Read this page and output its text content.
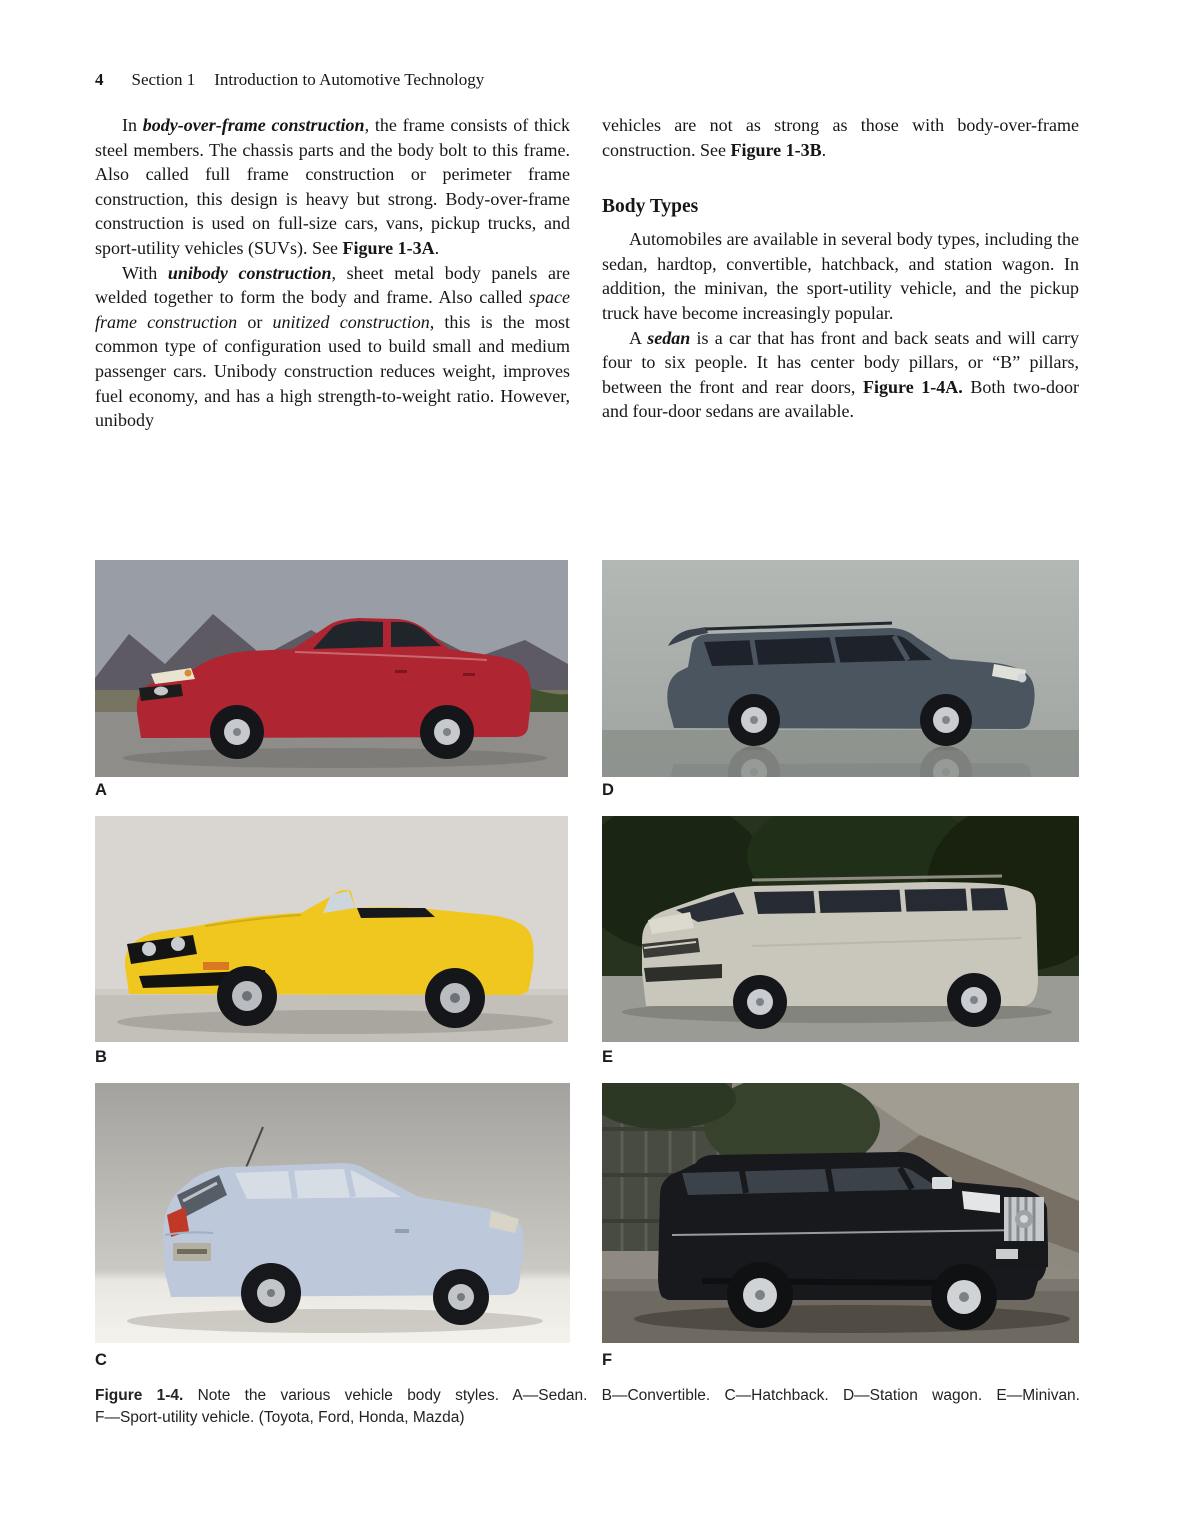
4 Section 1 Introduction to Automotive Technology

In body-over-frame construction, the frame consists of thick steel members. The chassis parts and the body bolt to this frame. Also called full frame construction or perimeter frame construction, this design is heavy but strong. Body-over-frame construction is used on full-size cars, vans, pickup trucks, and sport-utility vehicles (SUVs). See Figure 1-3A.

With unibody construction, sheet metal body panels are welded together to form the body and frame. Also called space frame construction or unitized construction, this is the most common type of configuration used to build small and medium passenger cars. Unibody construction reduces weight, improves fuel economy, and has a high strength-to-weight ratio. However, unibody

vehicles are not as strong as those with body-over-frame construction. See Figure 1-3B.

Body Types

Automobiles are available in several body types, including the sedan, hardtop, convertible, hatchback, and station wagon. In addition, the minivan, the sport-utility vehicle, and the pickup truck have become increasingly popular.

A sedan is a car that has front and back seats and will carry four to six people. It has center body pillars, or “B” pillars, between the front and rear doors, Figure 1-4A. Both two-door and four-door sedans are available.

A	D
B	E
C	F
Figure 1-4. Note the various vehicle body styles. A—Sedan. B—Convertible. C—Hatchback. D—Station wagon. E—Minivan.
F—Sport-utility vehicle. (Toyota, Ford, Honda, Mazda)
